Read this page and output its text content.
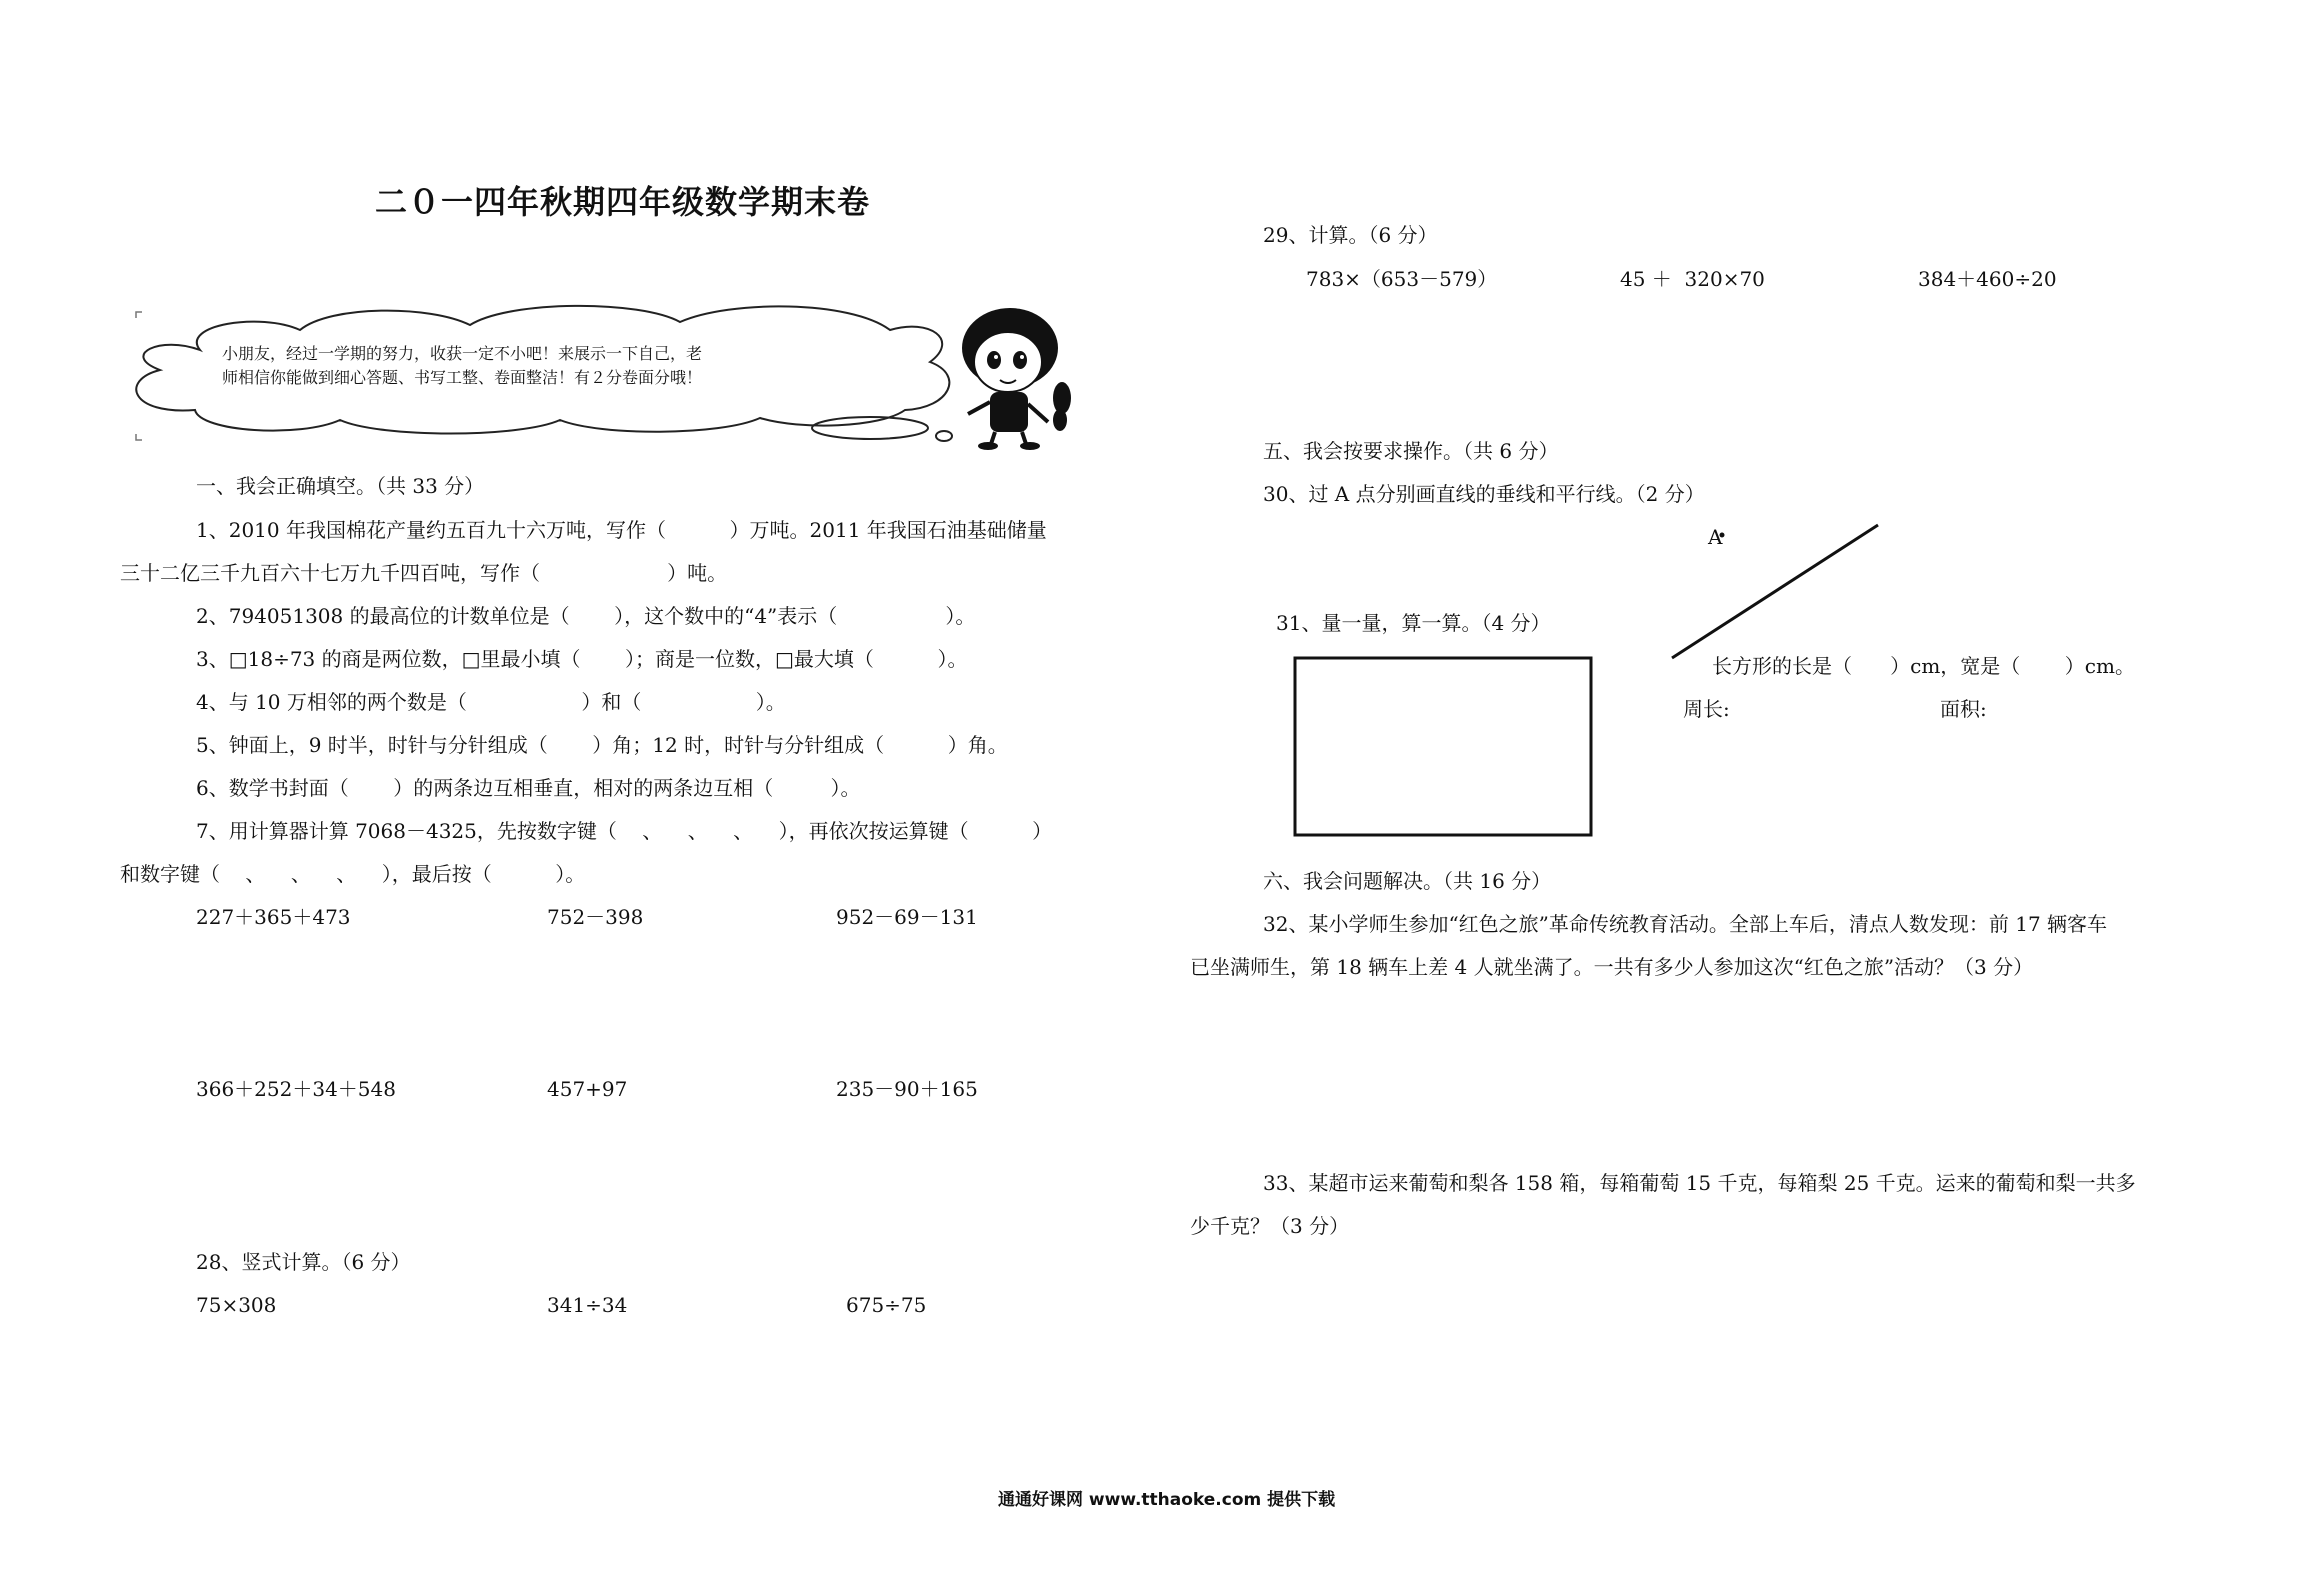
二０一四年秋期四年级数学期末卷
小朋友，经过一学期的努力，收获一定不小吧！来展示一下自己，老
师相信你能做到细心答题、书写工整、卷面整洁！有２分卷面分哦！
一、我会正确填空。（共 33 分）
1、2010 年我国棉花产量约五百九十六万吨，写作（          ）万吨。2011 年我国石油基础储量
三十二亿三千九百六十七万九千四百吨，写作（                    ）吨。
2、794051308 的最高位的计数单位是（       ），这个数中的“4”表示（                 ）。
3、□18÷73 的商是两位数，□里最小填（       ）；商是一位数，□最大填（          ）。
4、与 10 万相邻的两个数是（                  ）和（                  ）。
5、钟面上，9 时半，时针与分针组成（       ）角；12 时，时针与分针组成（          ）角。
6、数学书封面（       ）的两条边互相垂直，相对的两条边互相（         ）。
7、用计算器计算 7068－4325，先按数字键（    、    、    、    ），再依次按运算键（          ）
和数字键（    、    、    、    ），最后按（          ）。
227＋365＋473	752－398	952－69－131
366＋252＋34＋548	457+97	235－90＋165
28、竖式计算。（6 分）
75×308	341÷34	675÷75
29、计算。（6 分）
783×（653－579）	45 ＋  320×70	384＋460÷20
五、我会按要求操作。（共 6 分）
30、过 A 点分别画直线的垂线和平行线。（2 分）
A
31、量一量，算一算。（4 分）
长方形的长是（      ）cm，宽是（       ）cm。
周长:	面积:
六、我会问题解决。（共 16 分）
32、某小学师生参加“红色之旅”革命传统教育活动。全部上车后，清点人数发现：前 17 辆客车
已坐满师生，第 18 辆车上差 4 人就坐满了。一共有多少人参加这次“红色之旅”活动？（3 分）
33、某超市运来葡萄和梨各 158 箱，每箱葡萄 15 千克，每箱梨 25 千克。运来的葡萄和梨一共多
少千克？（3 分）
通通好课网 www.tthaoke.com 提供下载
